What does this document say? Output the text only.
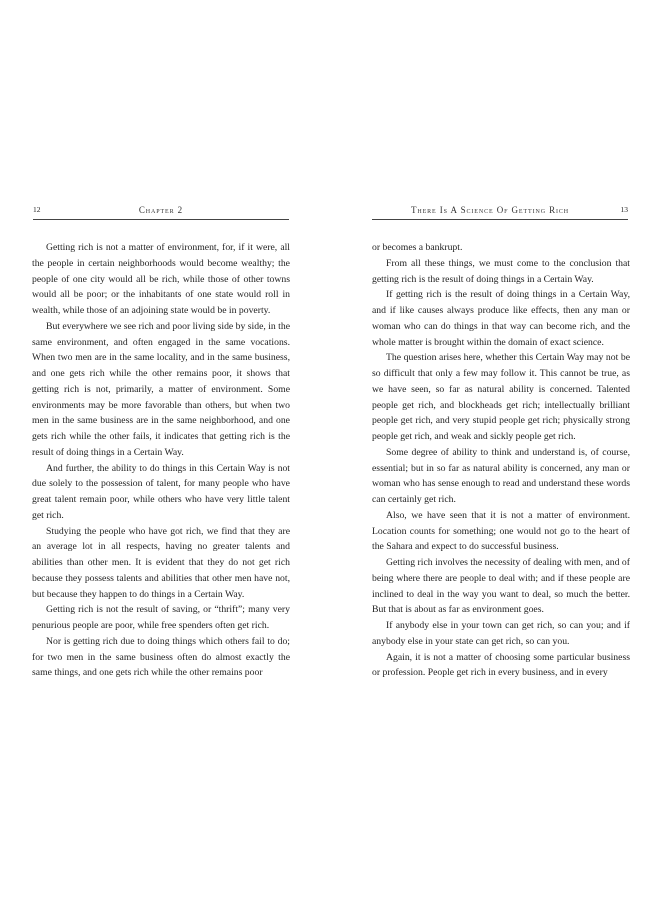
12	Chapter 2

Getting rich is not a matter of environment, for, if it were, all the people in certain neighborhoods would become wealthy; the people of one city would all be rich, while those of other towns would all be poor; or the inhabitants of one state would roll in wealth, while those of an adjoining state would be in poverty.

But everywhere we see rich and poor living side by side, in the same environment, and often engaged in the same vocations. When two men are in the same locality, and in the same business, and one gets rich while the other remains poor, it shows that getting rich is not, primarily, a matter of environment. Some environments may be more favorable than others, but when two men in the same business are in the same neighborhood, and one gets rich while the other fails, it indicates that getting rich is the result of doing things in a Certain Way.

And further, the ability to do things in this Certain Way is not due solely to the possession of talent, for many people who have great talent remain poor, while others who have very little talent get rich.

Studying the people who have got rich, we find that they are an average lot in all respects, having no greater talents and abilities than other men. It is evident that they do not get rich because they possess talents and abilities that other men have not, but because they happen to do things in a Certain Way.

Getting rich is not the result of saving, or “thrift”; many very penurious people are poor, while free spenders often get rich.

Nor is getting rich due to doing things which others fail to do; for two men in the same business often do almost exactly the same things, and one gets rich while the other remains poor

There Is A Science Of Getting Rich	13

or becomes a bankrupt.

From all these things, we must come to the conclusion that getting rich is the result of doing things in a Certain Way.

If getting rich is the result of doing things in a Certain Way, and if like causes always produce like effects, then any man or woman who can do things in that way can become rich, and the whole matter is brought within the domain of exact science.

The question arises here, whether this Certain Way may not be so difficult that only a few may follow it. This cannot be true, as we have seen, so far as natural ability is concerned. Talented people get rich, and blockheads get rich; intellectually brilliant people get rich, and very stupid people get rich; physically strong people get rich, and weak and sickly people get rich.

Some degree of ability to think and understand is, of course, essential; but in so far as natural ability is concerned, any man or woman who has sense enough to read and understand these words can certainly get rich.

Also, we have seen that it is not a matter of environment. Location counts for something; one would not go to the heart of the Sahara and expect to do successful business.

Getting rich involves the necessity of dealing with men, and of being where there are people to deal with; and if these people are inclined to deal in the way you want to deal, so much the better. But that is about as far as environment goes.

If anybody else in your town can get rich, so can you; and if anybody else in your state can get rich, so can you.

Again, it is not a matter of choosing some particular business or profession. People get rich in every business, and in every
